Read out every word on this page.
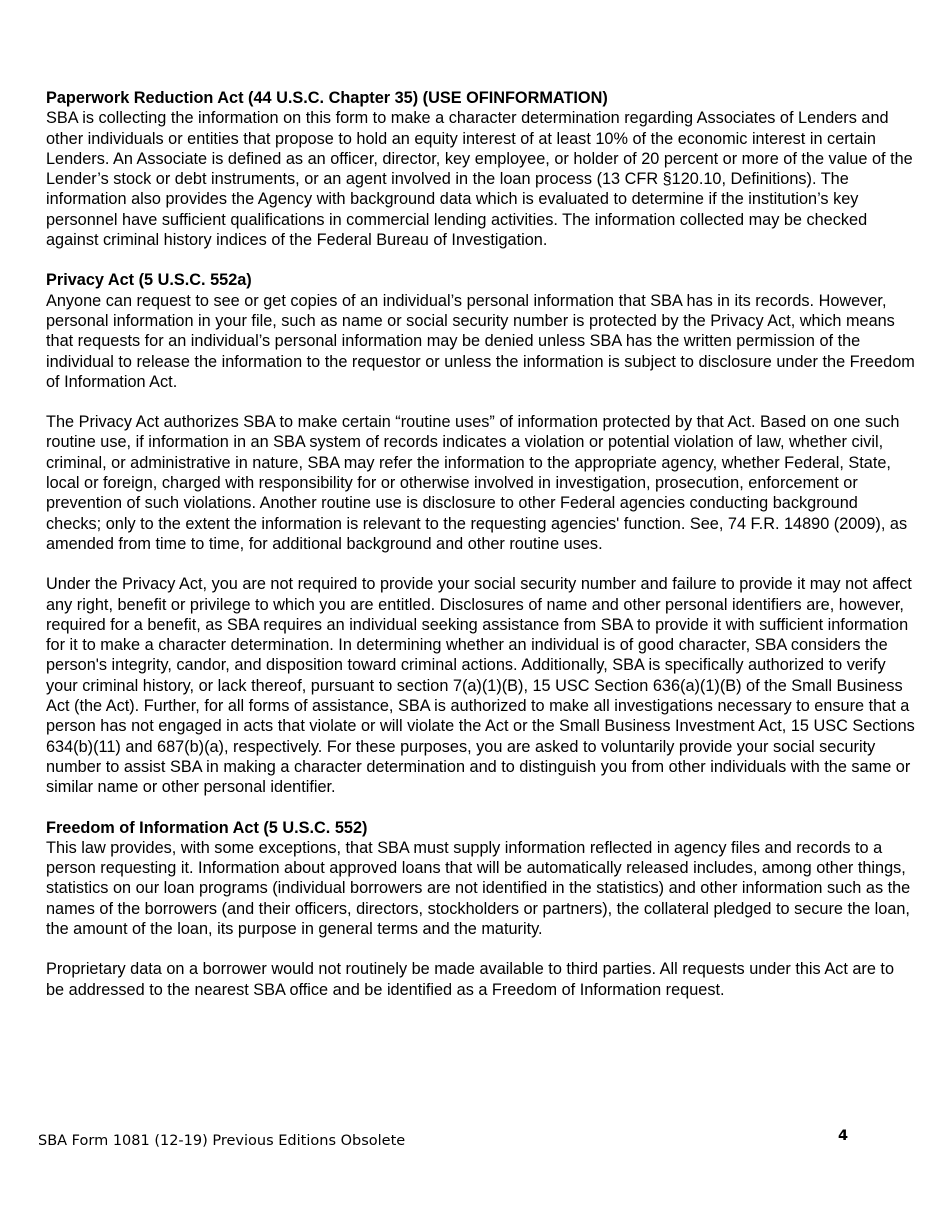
Paperwork Reduction Act (44 U.S.C. Chapter 35) (USE OFINFORMATION)

SBA is collecting the information on this form to make a character determination regarding Associates of Lenders and other individuals or entities that propose to hold an equity interest of at least 10% of the economic interest in certain Lenders. An Associate is defined as an officer, director, key employee, or holder of 20 percent or more of the value of the Lender’s stock or debt instruments, or an agent involved in the loan process (13 CFR §120.10, Definitions). The information also provides the Agency with background data which is evaluated to determine if the institution’s key personnel have sufficient qualifications in commercial lending activities. The information collected may be checked against criminal history indices of the Federal Bureau of Investigation.

Privacy Act (5 U.S.C. 552a)

Anyone can request to see or get copies of an individual’s personal information that SBA has in its records. However, personal information in your file, such as name or social security number is protected by the Privacy Act, which means that requests for an individual’s personal information may be denied unless SBA has the written permission of the individual to release the information to the requestor or unless the information is subject to disclosure under the Freedom of Information Act.

The Privacy Act authorizes SBA to make certain “routine uses” of information protected by that Act. Based on one such routine use, if information in an SBA system of records indicates a violation or potential violation of law, whether civil, criminal, or administrative in nature, SBA may refer the information to the appropriate agency, whether Federal, State, local or foreign, charged with responsibility for or otherwise involved in investigation, prosecution, enforcement or prevention of such violations. Another routine use is disclosure to other Federal agencies conducting background checks; only to the extent the information is relevant to the requesting agencies' function. See, 74 F.R. 14890 (2009), as amended from time to time, for additional background and other routine uses.

Under the Privacy Act, you are not required to provide your social security number and failure to provide it may not affect any right, benefit or privilege to which you are entitled. Disclosures of name and other personal identifiers are, however, required for a benefit, as SBA requires an individual seeking assistance from SBA to provide it with sufficient information for it to make a character determination. In determining whether an individual is of good character, SBA considers the person's integrity, candor, and disposition toward criminal actions. Additionally, SBA is specifically authorized to verify your criminal history, or lack thereof, pursuant to section 7(a)(1)(B), 15 USC Section 636(a)(1)(B) of the Small Business Act (the Act). Further, for all forms of assistance, SBA is authorized to make all investigations necessary to ensure that a person has not engaged in acts that violate or will violate the Act or the Small Business Investment Act, 15 USC Sections 634(b)(11) and 687(b)(a), respectively. For these purposes, you are asked to voluntarily provide your social security number to assist SBA in making a character determination and to distinguish you from other individuals with the same or similar name or other personal identifier.

Freedom of Information Act (5 U.S.C. 552)

This law provides, with some exceptions, that SBA must supply information reflected in agency files and records to a person requesting it. Information about approved loans that will be automatically released includes, among other things, statistics on our loan programs (individual borrowers are not identified in the statistics) and other information such as the names of the borrowers (and their officers, directors, stockholders or partners), the collateral pledged to secure the loan, the amount of the loan, its purpose in general terms and the maturity.

Proprietary data on a borrower would not routinely be made available to third parties. All requests under this Act are to be addressed to the nearest SBA office and be identified as a Freedom of Information request.

SBA Form 1081 (12-19) Previous Editions Obsolete	4
